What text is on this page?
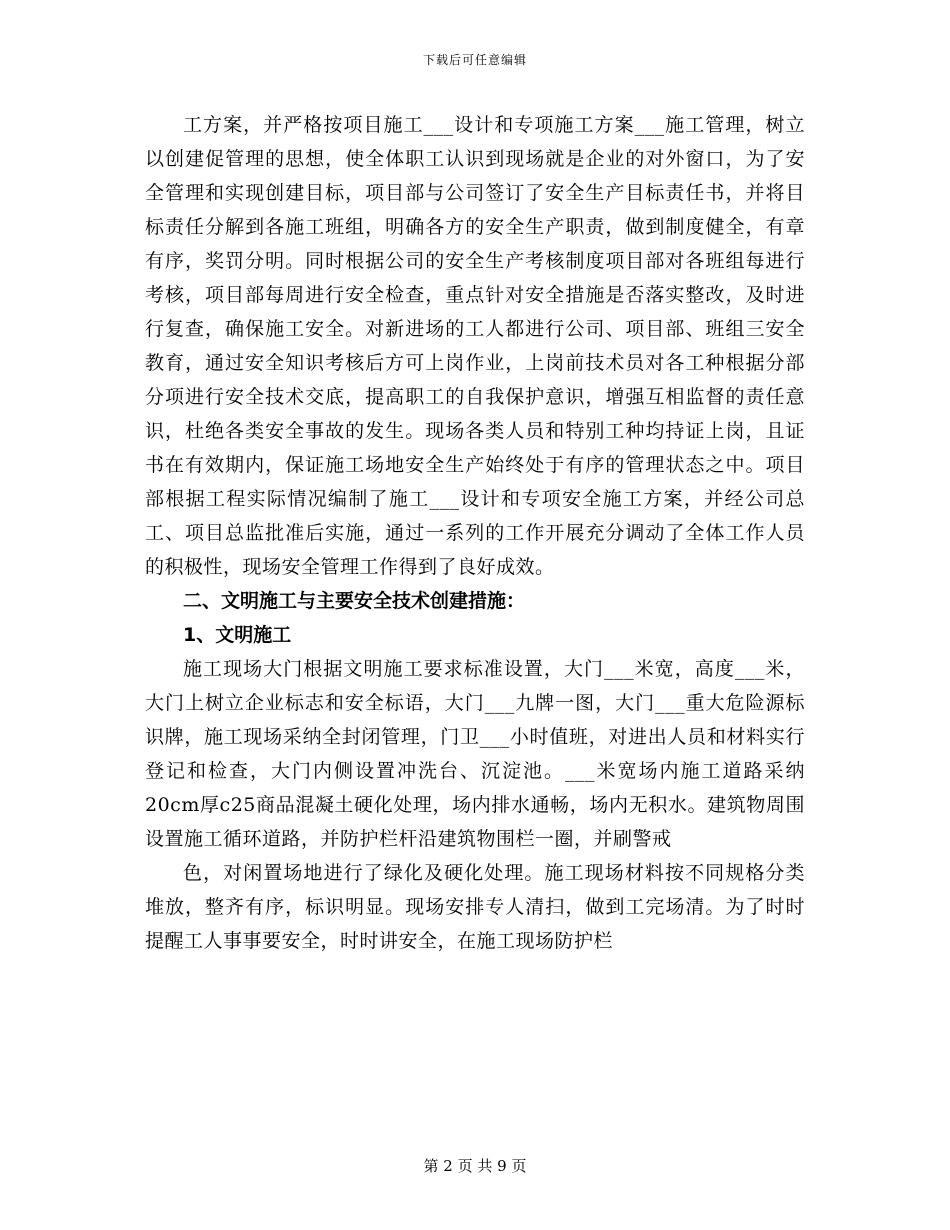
下载后可任意编辑

工方案，并严格按项目施工___设计和专项施工方案___施工管理，树立以创建促管理的思想，使全体职工认识到现场就是企业的对外窗口，为了安全管理和实现创建目标，项目部与公司签订了安全生产目标责任书，并将目标责任分解到各施工班组，明确各方的安全生产职责，做到制度健全，有章有序，奖罚分明。同时根据公司的安全生产考核制度项目部对各班组每进行考核，项目部每周进行安全检查，重点针对安全措施是否落实整改，及时进行复查，确保施工安全。对新进场的工人都进行公司、项目部、班组三安全教育，通过安全知识考核后方可上岗作业，上岗前技术员对各工种根据分部分项进行安全技术交底，提高职工的自我保护意识，增强互相监督的责任意识，杜绝各类安全事故的发生。现场各类人员和特别工种均持证上岗，且证书在有效期内，保证施工场地安全生产始终处于有序的管理状态之中。项目部根据工程实际情况编制了施工___设计和专项安全施工方案，并经公司总工、项目总监批准后实施，通过一系列的工作开展充分调动了全体工作人员的积极性，现场安全管理工作得到了良好成效。

二、文明施工与主要安全技术创建措施：

1、文明施工

施工现场大门根据文明施工要求标准设置，大门___米宽，高度___米，大门上树立企业标志和安全标语，大门___九牌一图，大门___重大危险源标识牌，施工现场采纳全封闭管理，门卫___小时值班，对进出人员和材料实行登记和检查，大门内侧设置冲洗台、沉淀池。___米宽场内施工道路采纳20cm厚c25商品混凝土硬化处理，场内排水通畅，场内无积水。建筑物周围设置施工循环道路，并防护栏杆沿建筑物围栏一圈，并刷警戒

色，对闲置场地进行了绿化及硬化处理。施工现场材料按不同规格分类堆放，整齐有序，标识明显。现场安排专人清扫，做到工完场清。为了时时提醒工人事事要安全，时时讲安全，在施工现场防护栏

第 2 页 共 9 页
